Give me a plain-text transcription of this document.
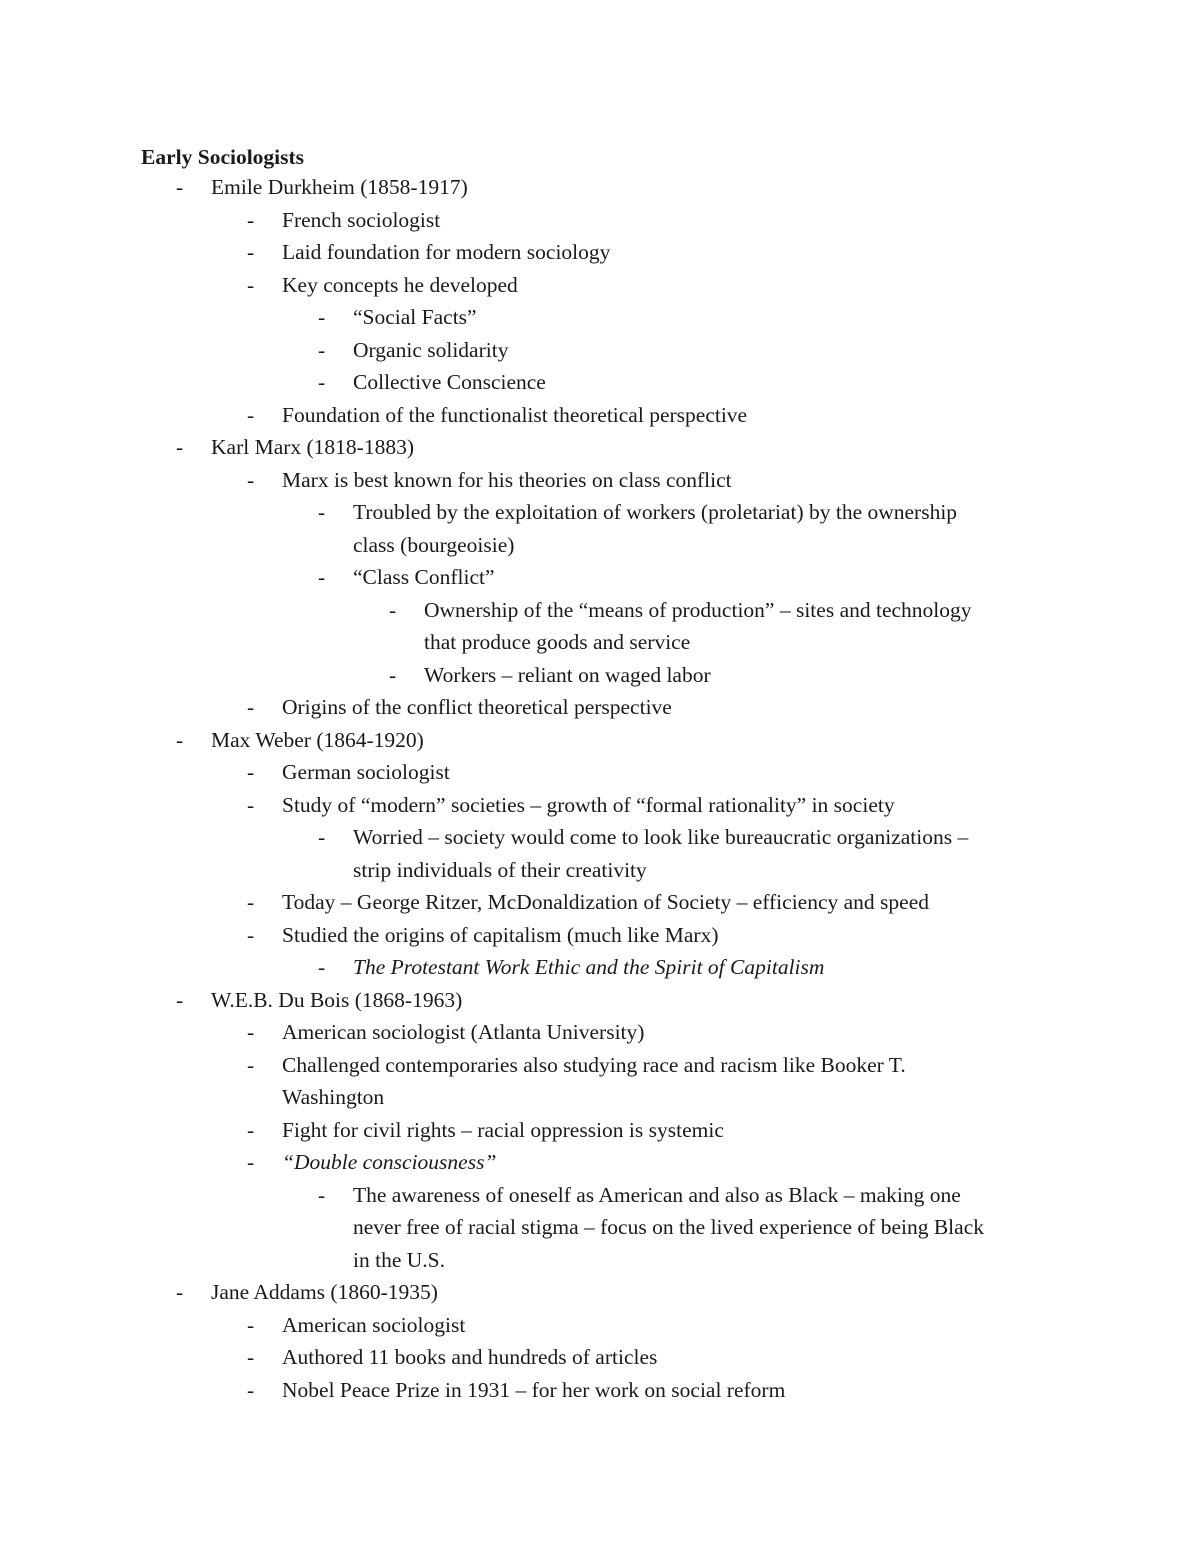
Early Sociologists
- Emile Durkheim (1858-1917)
- French sociologist
- Laid foundation for modern sociology
- Key concepts he developed
- “Social Facts”
- Organic solidarity
- Collective Conscience
- Foundation of the functionalist theoretical perspective
- Karl Marx (1818-1883)
- Marx is best known for his theories on class conflict
- Troubled by the exploitation of workers (proletariat) by the ownership
class (bourgeoisie)
- “Class Conflict”
- Ownership of the “means of production” – sites and technology
that produce goods and service
- Workers – reliant on waged labor
- Origins of the conflict theoretical perspective
- Max Weber (1864-1920)
- German sociologist
- Study of “modern” societies – growth of “formal rationality” in society
- Worried – society would come to look like bureaucratic organizations –
strip individuals of their creativity
- Today – George Ritzer, McDonaldization of Society – efficiency and speed
- Studied the origins of capitalism (much like Marx)
- The Protestant Work Ethic and the Spirit of Capitalism
- W.E.B. Du Bois (1868-1963)
- American sociologist (Atlanta University)
- Challenged contemporaries also studying race and racism like Booker T.
Washington
- Fight for civil rights – racial oppression is systemic
- “Double consciousness”
- The awareness of oneself as American and also as Black – making one
never free of racial stigma – focus on the lived experience of being Black
in the U.S.
- Jane Addams (1860-1935)
- American sociologist
- Authored 11 books and hundreds of articles
- Nobel Peace Prize in 1931 – for her work on social reform
